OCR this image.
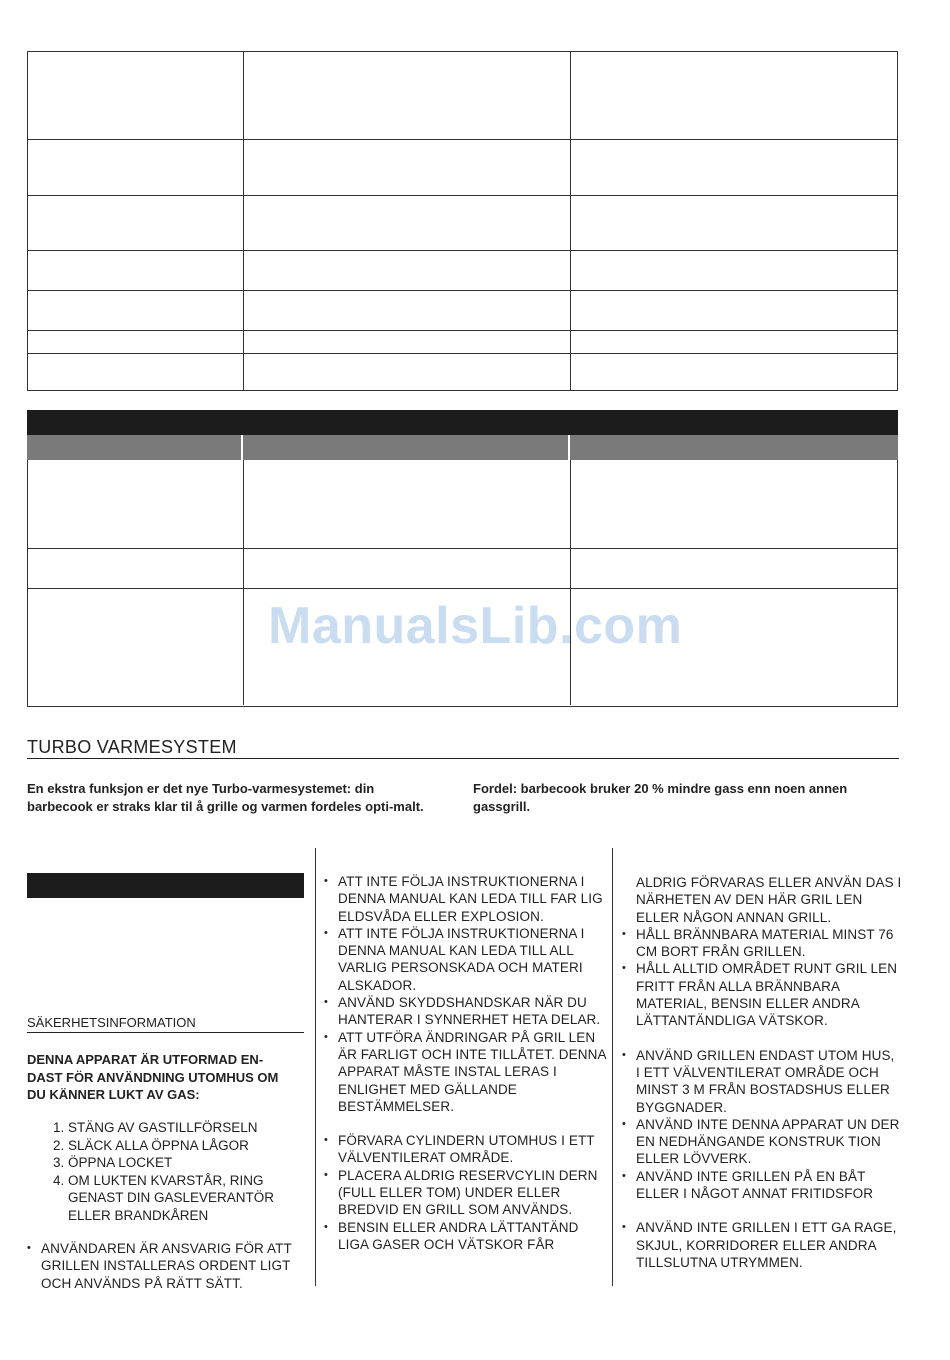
ManualsLib.com
TURBO VARMESYSTEM
En ekstra funksjon er det nye Turbo-varmesystemet: din barbecook er straks klar til å grille og varmen fordeles opti-malt.
Fordel: barbecook bruker 20 % mindre gass enn noen annen gassgrill.
SÄKERHETSINFORMATION
DENNA APPARAT ÄR UTFORMAD EN-DAST FÖR ANVÄNDNING UTOMHUS OM DU KÄNNER LUKT AV GAS:
1. STÄNG AV GASTILLFÖRSELN
2. SLÄCK ALLA ÖPPNA LÅGOR
3. ÖPPNA LOCKET
4. OM LUKTEN KVARSTÅR, RING GENAST DIN GASLEVERANTÖR ELLER BRANDKÅREN
• ANVÄNDAREN ÄR ANSVARIG FÖR ATT GRILLEN INSTALLERAS ORDENT LIGT OCH ANVÄNDS PÅ RÄTT SÄTT.
• ATT INTE FÖLJA INSTRUKTIONERNA I DENNA MANUAL KAN LEDA TILL FAR LIG ELDSVÅDA ELLER EXPLOSION.
• ATT INTE FÖLJA INSTRUKTIONERNA I DENNA MANUAL KAN LEDA TILL ALL VARLIG PERSONSKADA OCH MATERI ALSKADOR.
• ANVÄND SKYDDSHANDSKAR NÄR DU HANTERAR I SYNNERHET HETA DELAR.
• ATT UTFÖRA ÄNDRINGAR PÅ GRIL LEN ÄR FARLIGT OCH INTE TILLÅTET. DENNA APPARAT MÅSTE INSTAL LERAS I ENLIGHET MED GÄLLANDE BESTÄMMELSER.
• FÖRVARA CYLINDERN UTOMHUS I ETT VÄLVENTILERAT OMRÅDE.
• PLACERA ALDRIG RESERVCYLIN DERN (FULL ELLER TOM) UNDER ELLER BREDVID EN GRILL SOM ANVÄNDS.
• BENSIN ELLER ANDRA LÄTTANTÄND LIGA GASER OCH VÄTSKOR FÅR
ALDRIG FÖRVARAS ELLER ANVÄN DAS I NÄRHETEN AV DEN HÄR GRIL LEN ELLER NÅGON ANNAN GRILL.
• HÅLL BRÄNNBARA MATERIAL MINST 76 CM BORT FRÅN GRILLEN.
• HÅLL ALLTID OMRÅDET RUNT GRIL LEN FRITT FRÅN ALLA BRÄNNBARA MATERIAL, BENSIN ELLER ANDRA LÄTTANTÄNDLIGA VÄTSKOR.
• ANVÄND GRILLEN ENDAST UTOM HUS, I ETT VÄLVENTILERAT OMRÅDE OCH MINST 3 M FRÅN BOSTADSHUS ELLER BYGGNADER.
• ANVÄND INTE DENNA APPARAT UN DER EN NEDHÄNGANDE KONSTRUK TION ELLER LÖVVERK.
• ANVÄND INTE GRILLEN PÅ EN BÅT ELLER I NÅGOT ANNAT FRITIDSFOR
• ANVÄND INTE GRILLEN I ETT GA RAGE, SKJUL, KORRIDORER ELLER ANDRA TILLSLUTNA UTRYMMEN.
